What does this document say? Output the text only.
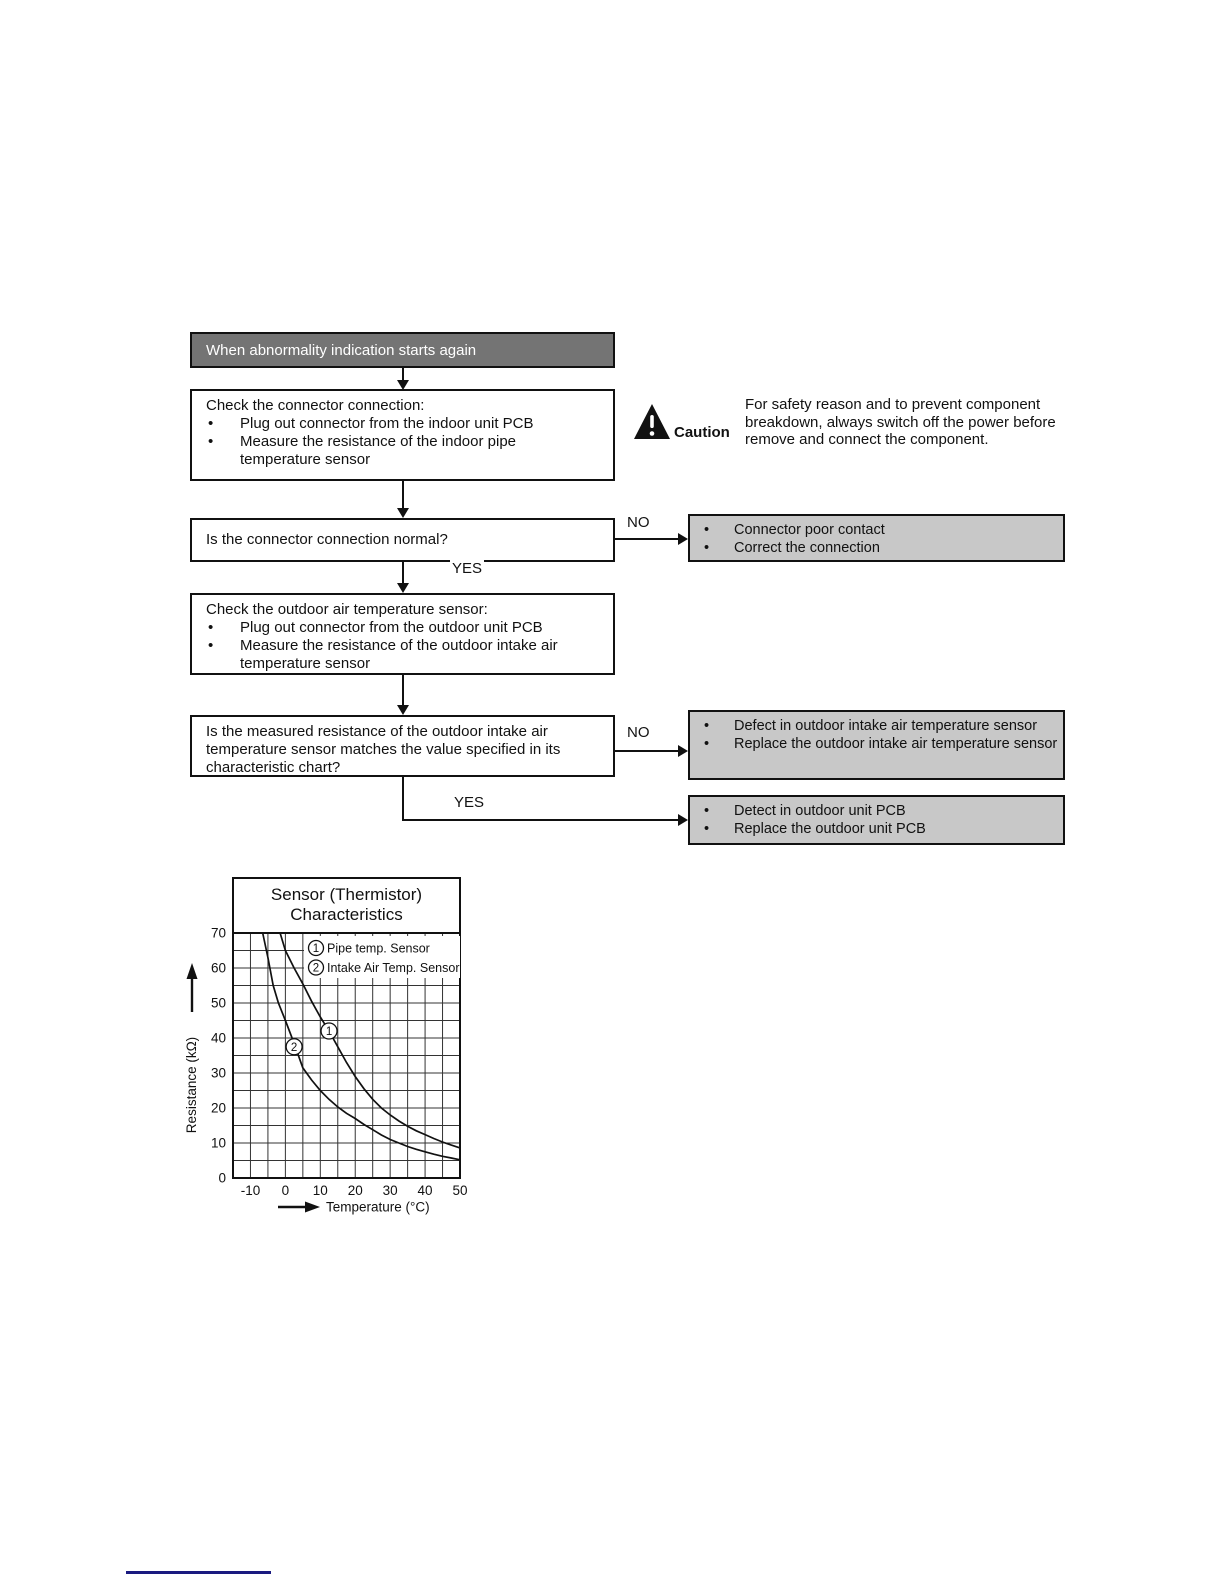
When abnormality indication starts again
Check the connector connection:
• Plug out connector from the indoor unit PCB
• Measure the resistance of the indoor pipe temperature sensor
Caution
For safety reason and to prevent component breakdown, always switch off the power before remove and connect the component.
Is the connector connection normal?
NO	• Connector poor contact
• Correct the connection
YES
Check the outdoor air temperature sensor:
• Plug out connector from the outdoor unit PCB
• Measure the resistance of the outdoor intake air temperature sensor
Is the measured resistance of the outdoor intake air temperature sensor matches the value specified in its characteristic chart?
NO	• Defect in outdoor intake air temperature sensor
• Replace the outdoor intake air temperature sensor
YES	• Detect in outdoor unit PCB
• Replace the outdoor unit PCB
Sensor (Thermistor)
Characteristics
1 Pipe temp. Sensor
2 Intake Air Temp. Sensor
1
2
-10 0 10 20 30 40 50
0
10
20
30
40
50
60
70
Resistance (kΩ)
Temperature (°C)
